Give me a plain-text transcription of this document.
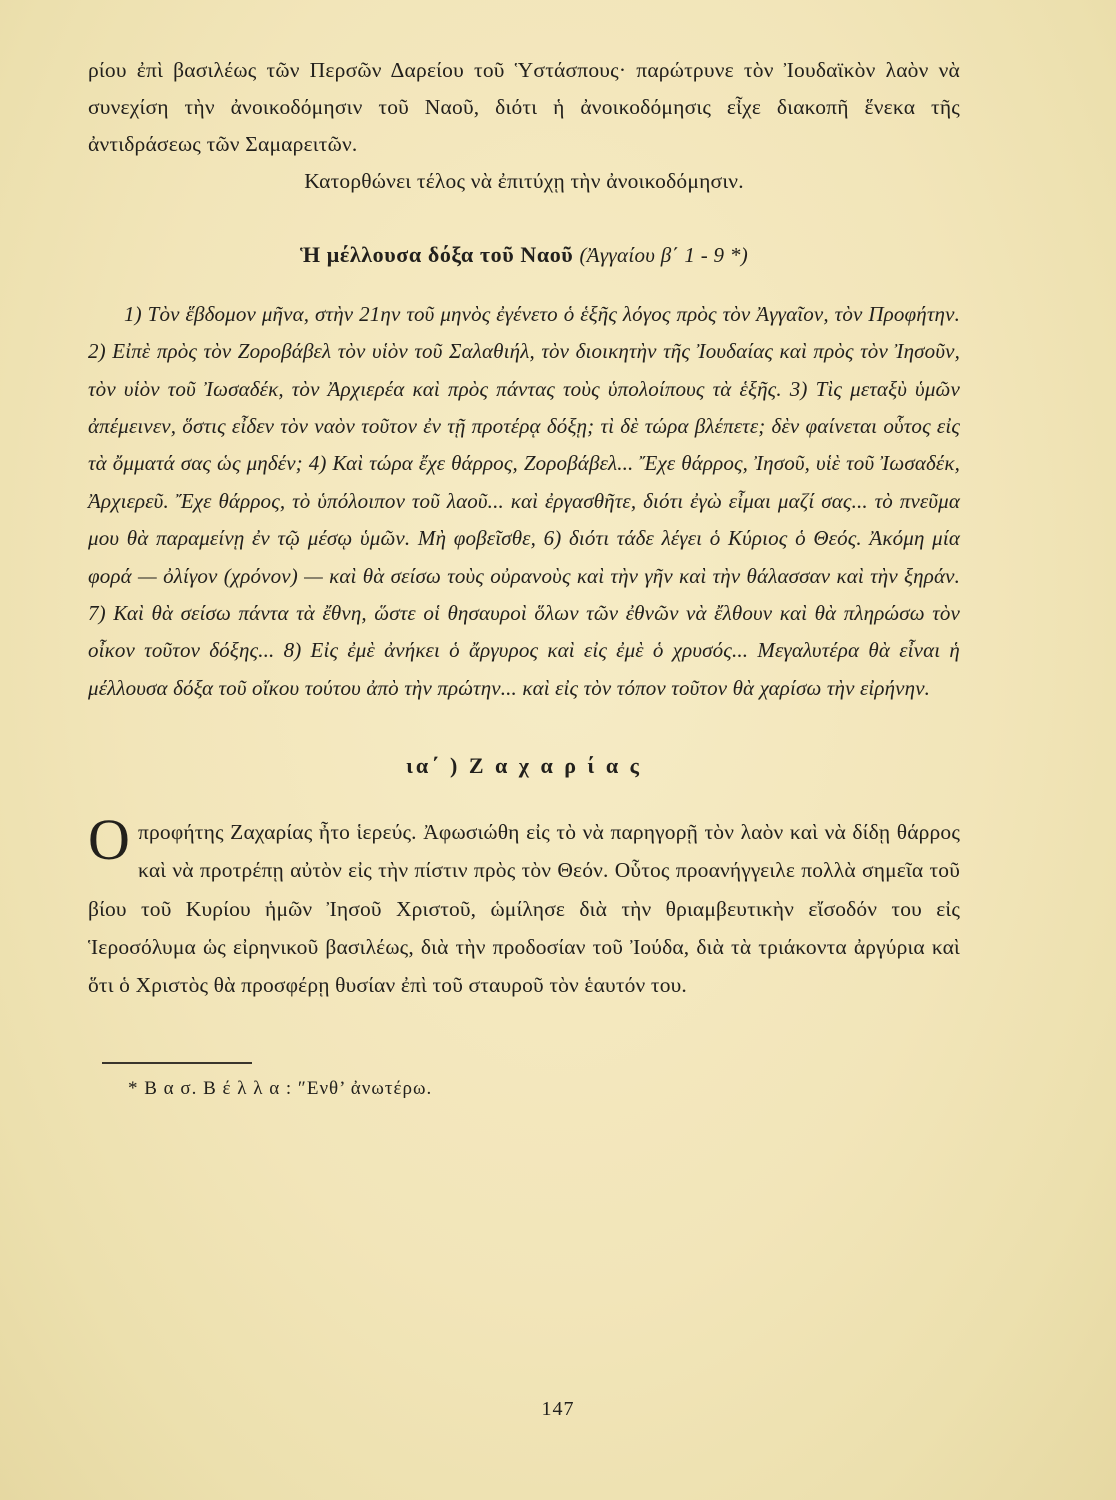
ρίου ἐπὶ βασιλέως τῶν Περσῶν Δαρείου τοῦ Ὑστάσπους· παρώτρυνε τὸν Ἰουδαϊκὸν λαὸν νὰ συνεχίση τὴν ἀνοικοδόμησιν τοῦ Ναοῦ, διότι ἡ ἀνοικοδόμησις εἶχε διακοπῆ ἕνεκα τῆς ἀντιδράσεως τῶν Σαμαρειτῶν.
Κατορθώνει τέλος νὰ ἐπιτύχῃ τὴν ἀνοικοδόμησιν.

Ἡ μέλλουσα δόξα τοῦ Ναοῦ (Ἀγγαίου β΄ 1 - 9 *)

1) Τὸν ἕβδομον μῆνα, στὴν 21ην τοῦ μηνὸς ἐγένετο ὁ ἑξῆς λόγος πρὸς τὸν Ἀγγαῖον, τὸν Προφήτην. 2) Εἰπὲ πρὸς τὸν Ζοροβάβελ τὸν υἱὸν τοῦ Σαλαθιήλ, τὸν διοικητὴν τῆς Ἰουδαίας καὶ πρὸς τὸν Ἰησοῦν, τὸν υἱὸν τοῦ Ἰωσαδέκ, τὸν Ἀρχιερέα καὶ πρὸς πάντας τοὺς ὑπολοίπους τὰ ἑξῆς. 3) Τὶς μεταξὺ ὑμῶν ἀπέμεινεν, ὅστις εἶδεν τὸν ναὸν τοῦτον ἐν τῇ προτέρᾳ δόξῃ; τὶ δὲ τώρα βλέπετε; δὲν φαίνεται οὗτος εἰς τὰ ὄμματά σας ὡς μηδέν; 4) Καὶ τώρα ἔχε θάρρος, Ζοροβάβελ... Ἔχε θάρρος, Ἰησοῦ, υἱὲ τοῦ Ἰωσαδέκ, Ἀρχιερεῦ. Ἔχε θάρρος, τὸ ὑπόλοιπον τοῦ λαοῦ... καὶ ἐργασθῆτε, διότι ἐγὼ εἶμαι μαζί σας... τὸ πνεῦμα μου θὰ παραμείνῃ ἐν τῷ μέσῳ ὑμῶν. Μὴ φοβεῖσθε, 6) διότι τάδε λέγει ὁ Κύριος ὁ Θεός. Ἀκόμη μία φορά — ὀλίγον (χρόνον) — καὶ θὰ σείσω τοὺς οὐρανοὺς καὶ τὴν γῆν καὶ τὴν θάλασσαν καὶ τὴν ξηράν. 7) Καὶ θὰ σείσω πάντα τὰ ἔθνη, ὥστε οἱ θησαυροὶ ὅλων τῶν ἐθνῶν νὰ ἔλθουν καὶ θὰ πληρώσω τὸν οἶκον τοῦτον δόξης... 8) Εἰς ἐμὲ ἀνήκει ὁ ἄργυρος καὶ εἰς ἐμὲ ὁ χρυσός... Μεγαλυτέρα θὰ εἶναι ἡ μέλλουσα δόξα τοῦ οἴκου τούτου ἀπὸ τὴν πρώτην... καὶ εἰς τὸν τόπον τοῦτον θὰ χαρίσω τὴν εἰρήνην.

ια΄ ) Ζ α χ α ρ ί α ς

Οπροφήτης Ζαχαρίας ἦτο ἱερεύς. Ἀφωσιώθη εἰς τὸ νὰ παρηγορῇ τὸν λαὸν καὶ νὰ δίδῃ θάρρος καὶ νὰ προτρέπῃ αὐτὸν εἰς τὴν πίστιν πρὸς τὸν Θεόν. Οὗτος προανήγγειλε πολλὰ σημεῖα τοῦ βίου τοῦ Κυρίου ἡμῶν Ἰησοῦ Χριστοῦ, ὡμίλησε διὰ τὴν θριαμβευτικὴν εἴσοδόν του εἰς Ἱεροσόλυμα ὡς εἰρηνικοῦ βασιλέως, διὰ τὴν προδοσίαν τοῦ Ἰούδα, διὰ τὰ τριάκοντα ἀργύρια καὶ ὅτι ὁ Χριστὸς θὰ προσφέρῃ θυσίαν ἐπὶ τοῦ σταυροῦ τὸν ἑαυτόν του.

* Β α σ. Β έ λ λ α : ″Ενθ’ ἀνωτέρω.

147
